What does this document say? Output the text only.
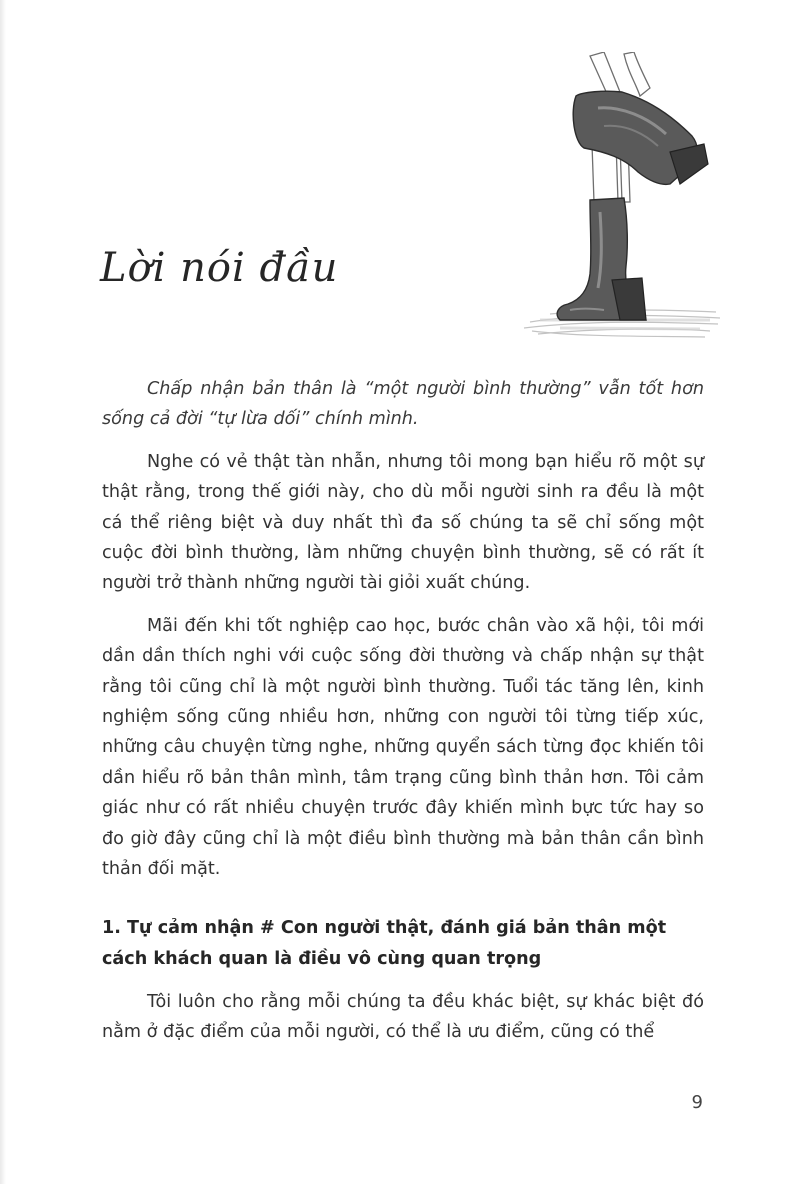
Lời nói đầu

Chấp nhận bản thân là “một người bình thường” vẫn tốt hơn sống cả đời “tự lừa dối” chính mình.

Nghe có vẻ thật tàn nhẫn, nhưng tôi mong bạn hiểu rõ một sự thật rằng, trong thế giới này, cho dù mỗi người sinh ra đều là một cá thể riêng biệt và duy nhất thì đa số chúng ta sẽ chỉ sống một cuộc đời bình thường, làm những chuyện bình thường, sẽ có rất ít người trở thành những người tài giỏi xuất chúng.

Mãi đến khi tốt nghiệp cao học, bước chân vào xã hội, tôi mới dần dần thích nghi với cuộc sống đời thường và chấp nhận sự thật rằng tôi cũng chỉ là một người bình thường. Tuổi tác tăng lên, kinh nghiệm sống cũng nhiều hơn, những con người tôi từng tiếp xúc, những câu chuyện từng nghe, những quyển sách từng đọc khiến tôi dần hiểu rõ bản thân mình, tâm trạng cũng bình thản hơn. Tôi cảm giác như có rất nhiều chuyện trước đây khiến mình bực tức hay so đo giờ đây cũng chỉ là một điều bình thường mà bản thân cần bình thản đối mặt.

1. Tự cảm nhận # Con người thật, đánh giá bản thân một cách khách quan là điều vô cùng quan trọng

Tôi luôn cho rằng mỗi chúng ta đều khác biệt, sự khác biệt đó nằm ở đặc điểm của mỗi người, có thể là ưu điểm, cũng có thể

9
